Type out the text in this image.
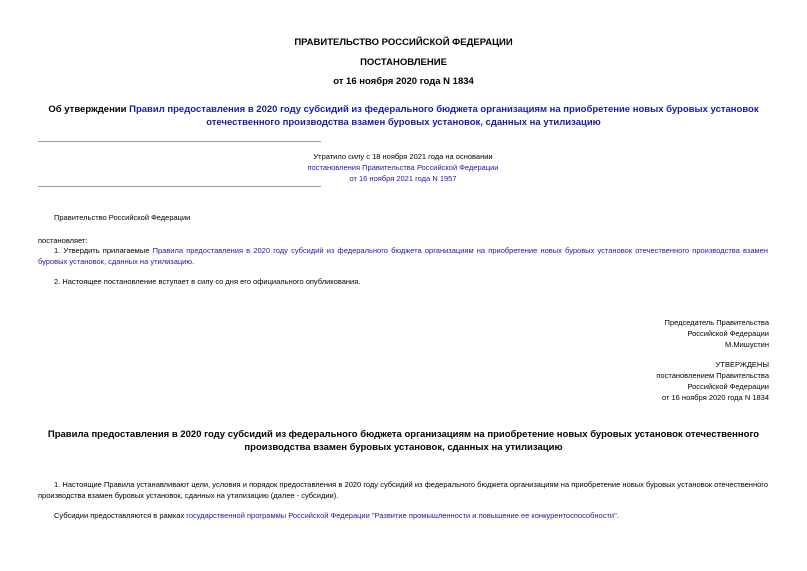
ПРАВИТЕЛЬСТВО РОССИЙСКОЙ ФЕДЕРАЦИИ
ПОСТАНОВЛЕНИЕ
от 16 ноября 2020 года N 1834
Об утверждении Правил предоставления в 2020 году субсидий из федерального бюджета организациям на приобретение новых буровых установок
отечественного производства взамен буровых установок, сданных на утилизацию
Утратило силу с 18 ноября 2021 года на основании
постановления Правительства Российской Федерации
от 16 ноября 2021 года N 1957
Правительство Российской Федерации
постановляет:
1. Утвердить прилагаемые Правила предоставления в 2020 году субсидий из федерального бюджета организациям на приобретение новых буровых установок отечественного производства взамен буровых установок, сданных на утилизацию.
2. Настоящее постановление вступает в силу со дня его официального опубликования.
Председатель Правительства
Российской Федерации
М.Мишустин
УТВЕРЖДЕНЫ
постановлением Правительства
Российской Федерации
от 16 ноября 2020 года N 1834
Правила предоставления в 2020 году субсидий из федерального бюджета организациям на приобретение новых буровых установок отечественного
производства взамен буровых установок, сданных на утилизацию
1. Настоящие Правила устанавливают цели, условия и порядок предоставления в 2020 году субсидий из федерального бюджета организациям на приобретение новых буровых установок отечественного
производства взамен буровых установок, сданных на утилизацию (далее - субсидии).
Субсидии предоставляются в рамках государственной программы Российской Федерации "Развитие промышленности и повышение ее конкурентоспособности".
